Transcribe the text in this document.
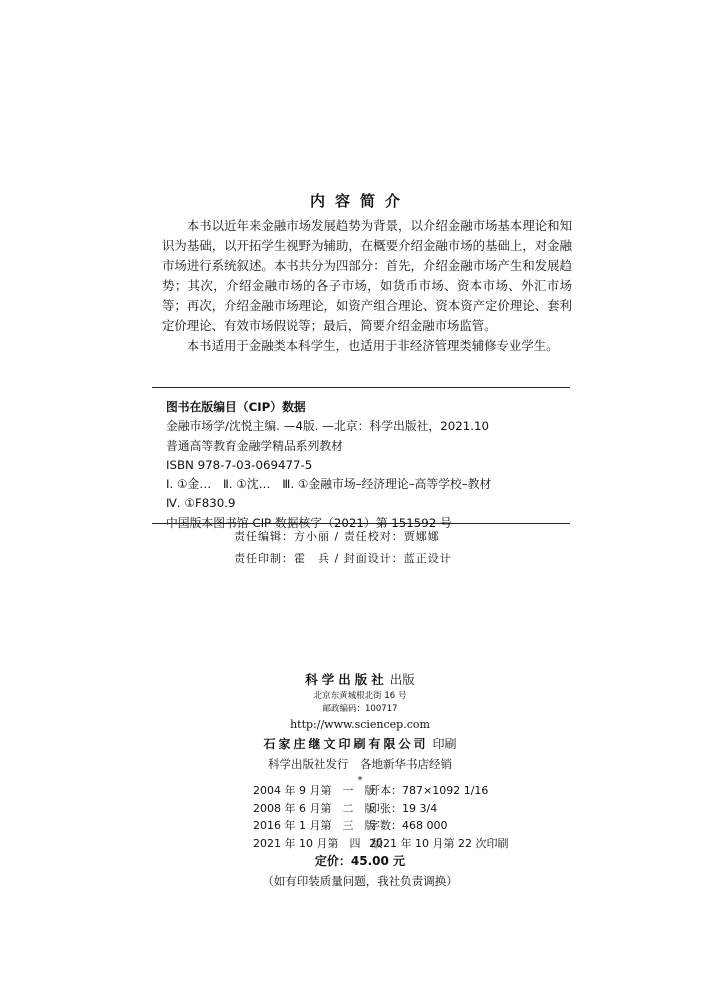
内容简介

本书以近年来金融市场发展趋势为背景，以介绍金融市场基本理论和知识为基础，以开拓学生视野为辅助，在概要介绍金融市场的基础上，对金融市场进行系统叙述。本书共分为四部分：首先，介绍金融市场产生和发展趋势；其次，介绍金融市场的各子市场，如货币市场、资本市场、外汇市场等；再次，介绍金融市场理论，如资产组合理论、资本资产定价理论、套利定价理论、有效市场假说等；最后，简要介绍金融市场监管。

本书适用于金融类本科学生，也适用于非经济管理类辅修专业学生。

图书在版编目（CIP）数据
金融市场学/沈悦主编. —4版. —北京：科学出版社，2021.10
普通高等教育金融学精品系列教材
ISBN 978-7-03-069477-5
Ⅰ. ①金…　Ⅱ. ①沈…　Ⅲ. ①金融市场–经济理论–高等学校–教材
Ⅳ. ①F830.9
中国版本图书馆 CIP 数据核字（2021）第 151592 号
责任编辑：方小丽 / 责任校对：贾娜娜
责任印制：霍　兵 / 封面设计：蓝正设计
科学出版社 出版
北京东黄城根北街 16 号
邮政编码：100717
http://www.sciencep.com
石家庄继文印刷有限公司 印刷
科学出版社发行　各地新华书店经销
*
2004 年 9 月第　一　版
开本：787×1092 1/16
2008 年 6 月第　二　版
印张：19 3/4
2016 年 1 月第　三　版
字数：468 000
2021 年 10 月第　四　版
2021 年 10 月第 22 次印刷
定价：45.00 元
（如有印装质量问题，我社负责调换）
